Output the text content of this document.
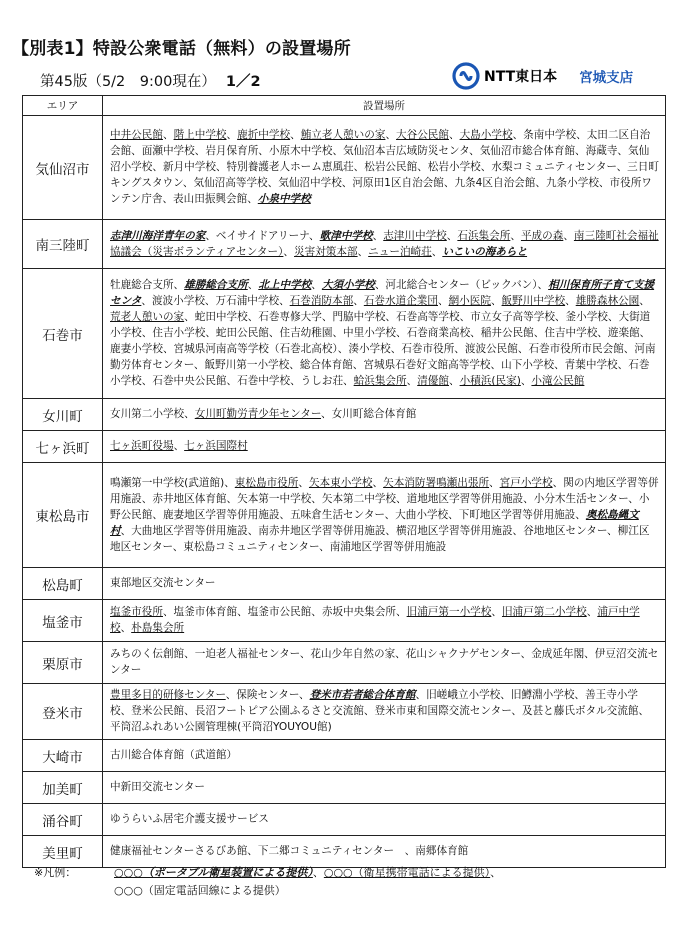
【別表1】特設公衆電話（無料）の設置場所
第45版（5/2　9:00現在） 1／2	NTT東日本 宮城支店
エリア	設置場所
気仙沼市	中井公民館、階上中学校、鹿折中学校、鮪立老人憩いの家、大谷公民館、大島小学校、条南中学校、太田二区自治会館、面瀬中学校、岩月保育所、小原木中学校、気仙沼本吉広域防災センタ、気仙沼市総合体育館、海蔵寺、気仙沼小学校、新月中学校、特別養護老人ホーム恵風荘、松岩公民館、松岩小学校、水梨コミュニティセンター、三日町キングスタウン、気仙沼高等学校、気仙沼中学校、河原田1区自治会館、九条4区自治会館、九条小学校、市役所ワンテン庁舎、表山田振興会館、小泉中学校
南三陸町	志津川海洋青年の家、ベイサイドアリーナ、歌津中学校、志津川中学校、石浜集会所、平成の森、南三陸町社会福祉協議会（災害ボランティアセンター）、災害対策本部、ニュー泊崎荘、いこいの海あらと
石巻市	牡鹿総合支所、雄勝総合支所、北上中学校、大須小学校、河北総合センター（ビックバン）、相川保育所子育て支援センタ、渡波小学校、万石浦中学校、石巻消防本部、石巻水道企業団、網小医院、飯野川中学校、雄勝森林公園、荒老人憩いの家、蛇田中学校、石巻専修大学、門脇中学校、石巻高等学校、市立女子高等学校、釜小学校、大街道小学校、住吉小学校、蛇田公民館、住吉幼稚園、中里小学校、石巻商業高校、稲井公民館、住吉中学校、遊楽館、鹿妻小学校、宮城県河南高等学校（石巻北高校）、湊小学校、石巻市役所、渡波公民館、石巻市役所市民会館、河南勤労体育センター、飯野川第一小学校、総合体育館、宮城県石巻好文館高等学校、山下小学校、青葉中学校、石巻小学校、石巻中央公民館、石巻中学校、うしお荘、蛤浜集会所、清優館、小積浜(民家)、小滝公民館
女川町	女川第二小学校、女川町勤労青少年センター、女川町総合体育館
七ヶ浜町	七ヶ浜町役場、七ヶ浜国際村
東松島市	鳴瀬第一中学校(武道館)、東松島市役所、矢本東小学校、矢本消防署鳴瀬出張所、宮戸小学校、関の内地区学習等併用施設、赤井地区体育館、矢本第一中学校、矢本第二中学校、道地地区学習等併用施設、小分木生活センター、小野公民館、鹿妻地区学習等併用施設、五味倉生活センター、大曲小学校、下町地区学習等併用施設、奥松島縄文村、大曲地区学習等併用施設、南赤井地区学習等併用施設、横沼地区学習等併用施設、谷地地区センター、柳江区地区センター、東松島コミュニティセンター、南浦地区学習等併用施設
松島町	東部地区交流センター
塩釜市	塩釜市役所、塩釜市体育館、塩釜市公民館、赤坂中央集会所、旧浦戸第一小学校、旧浦戸第二小学校、浦戸中学校、朴島集会所
栗原市	みちのく伝創館、一迫老人福祉センター、花山少年自然の家、花山シャクナゲセンター、金成延年閣、伊豆沼交流センター
登米市	豊里多目的研修センター、保険センター、登米市若者総合体育館、旧嵯峨立小学校、旧鱒淵小学校、善王寺小学校、登米公民館、長沼フートピア公園ふるさと交流館、登米市東和国際交流センター、及甚と藤氏ボタル交流館、平筒沼ふれあい公園管理棟(平筒沼YOUYOU館)
大崎市	古川総合体育館（武道館）
加美町	中新田交流センター
涌谷町	ゆうらいふ居宅介護支援サービス
美里町	健康福祉センターさるびあ館、下二郷コミュニティセンター　、南郷体育館
※凡例：	○○○（ポータブル衛星装置による提供）、○○○（衛星携帯電話による提供）、
○○○（固定電話回線による提供）
